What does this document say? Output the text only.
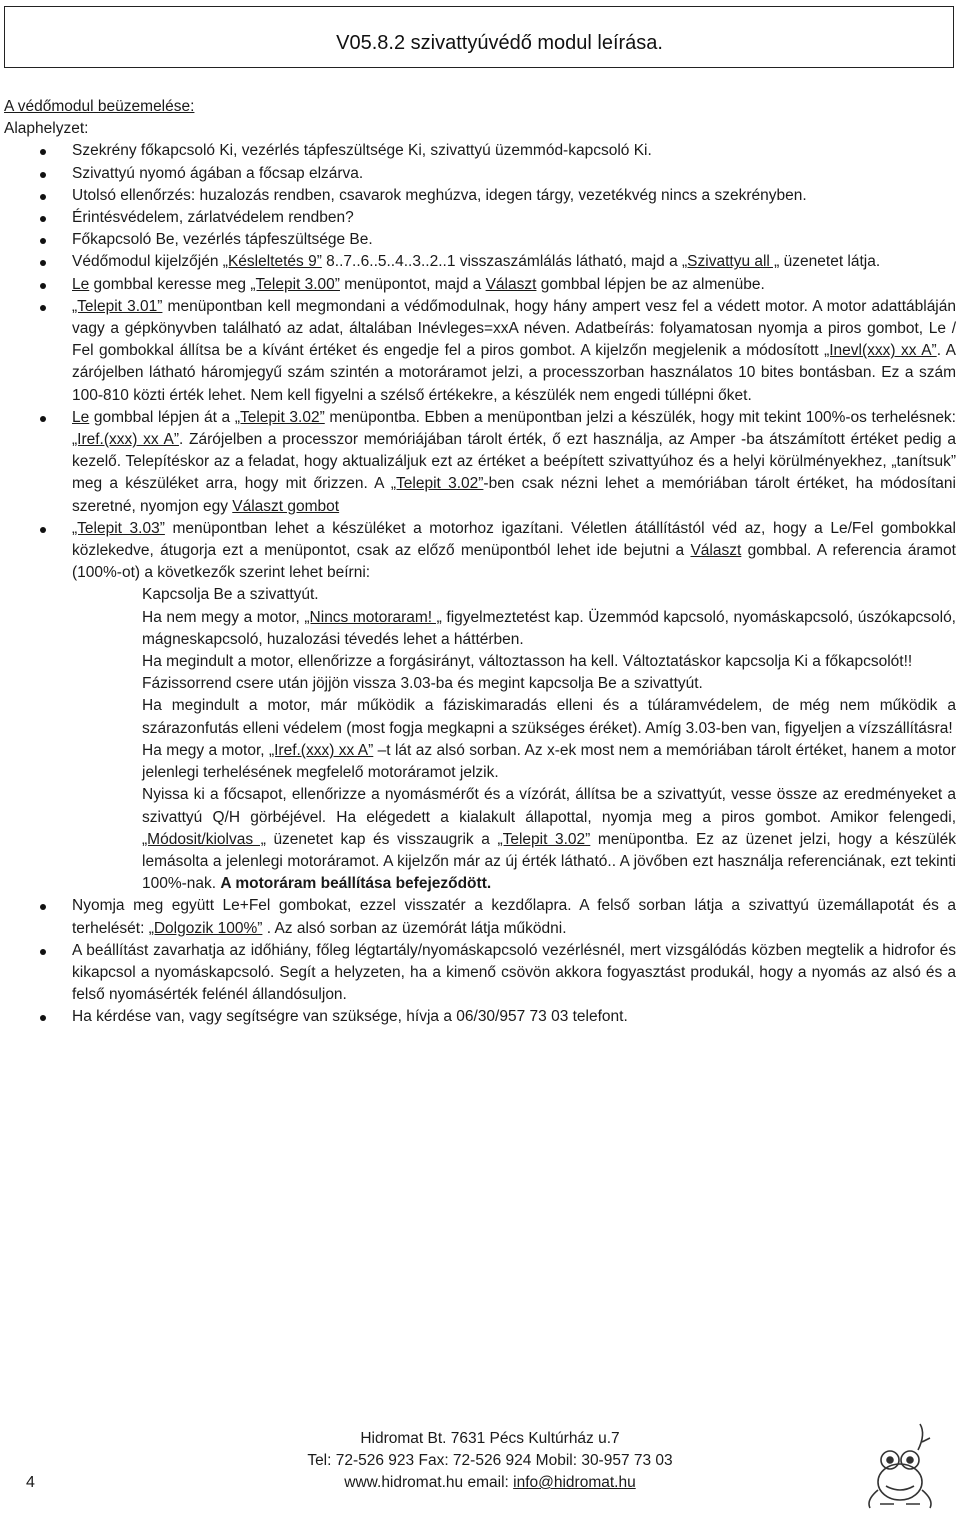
V05.8.2 szivattyúvédő modul leírása.

A védőmodul beüzemelése:

Alaphelyzet:

Szekrény főkapcsoló Ki, vezérlés tápfeszültsége Ki, szivattyú üzemmód-kapcsoló Ki.
Szivattyú nyomó ágában a főcsap elzárva.
Utolsó ellenőrzés: huzalozás rendben, csavarok meghúzva, idegen tárgy, vezetékvég nincs a szekrényben.
Érintésvédelem, zárlatvédelem rendben?
Főkapcsoló Be, vezérlés tápfeszültsége Be.
Védőmodul kijelzőjén „Késleltetés 9” 8..7..6..5..4..3..2..1 visszaszámlálás látható, majd a „Szivattyu all „ üzenetet látja.
Le gombbal keresse meg „Telepit 3.00” menüpontot, majd a Választ gombbal lépjen be az almenübe.
„Telepit 3.01” menüpontban kell megmondani a védőmodulnak, hogy hány ampert vesz fel a védett motor. A motor adattábláján vagy a gépkönyvben található az adat, általában Inévleges=xxA néven. Adatbeírás: folyamatosan nyomja a piros gombot, Le / Fel gombokkal állítsa be a kívánt értéket és engedje fel a piros gombot. A kijelzőn megjelenik a módosított „Inevl(xxx) xx A”. A zárójelben látható háromjegyű szám szintén a motoráramot jelzi, a processzorban használatos 10 bites bontásban. Ez a szám 100-810 közti érték lehet. Nem kell figyelni a szélső értékekre, a készülék nem engedi túllépni őket.
Le gombbal lépjen át a „Telepit 3.02” menüpontba. Ebben a menüpontban jelzi a készülék, hogy mit tekint 100%-os terhelésnek: „Iref.(xxx) xx A”. Zárójelben a processzor memóriájában tárolt érték, ő ezt használja, az Amper -ba átszámított értéket pedig a kezelő. Telepítéskor az a feladat, hogy aktualizáljuk ezt az értéket a beépített szivattyúhoz és a helyi körülményekhez, „tanítsuk” meg a készüléket arra, hogy mit őrizzen. A „Telepit 3.02”-ben csak nézni lehet a memóriában tárolt értéket, ha módosítani szeretné, nyomjon egy Választ gombot
„Telepit 3.03” menüpontban lehet a készüléket a motorhoz igazítani. Véletlen átállítástól véd az, hogy a Le/Fel gombokkal közlekedve, átugorja ezt a menüpontot, csak az előző menüpontból lehet ide bejutni a Választ gombbal. A referencia áramot (100%-ot) a következők szerint lehet beírni:

Kapcsolja Be a szivattyút.

Ha nem megy a motor, „Nincs motoraram! „ figyelmeztetést kap. Üzemmód kapcsoló, nyomáskapcsoló, úszókapcsoló, mágneskapcsoló, huzalozási tévedés lehet a háttérben.

Ha megindult a motor, ellenőrizze a forgásirányt, változtasson ha kell. Változtatáskor kapcsolja Ki a főkapcsolót!!

Fázissorrend csere után jöjjön vissza 3.03-ba és megint kapcsolja Be a szivattyút.

Ha megindult a motor, már működik a fáziskimaradás elleni és a túláramvédelem, de még nem működik a szárazonfutás elleni védelem (most fogja megkapni a szükséges éréket). Amíg 3.03-ben van, figyeljen a vízszállításra!

Ha megy a motor, „Iref.(xxx) xx A” –t lát az alsó sorban. Az x-ek most nem a memóriában tárolt értéket, hanem a motor jelenlegi terhelésének megfelelő motoráramot jelzik.

Nyissa ki a főcsapot, ellenőrizze a nyomásmérőt és a vízórát, állítsa be a szivattyút, vesse össze az eredményeket a szivattyú Q/H görbéjével. Ha elégedett a kialakult állapottal, nyomja meg a piros gombot. Amikor felengedi, „Módosit/kiolvas „ üzenetet kap és visszaugrik a „Telepit 3.02” menüpontba. Ez az üzenet jelzi, hogy a készülék lemásolta a jelenlegi motoráramot. A kijelzőn már az új érték látható.. A jövőben ezt használja referenciának, ezt tekinti 100%-nak. A motoráram beállítása befejeződött.

Nyomja meg együtt Le+Fel gombokat, ezzel visszatér a kezdőlapra. A felső sorban látja a szivattyú üzemállapotát és a terhelését: „Dolgozik 100%” . Az alsó sorban az üzemórát látja működni.
A beállítást zavarhatja az időhiány, főleg légtartály/nyomáskapcsoló vezérlésnél, mert vizsgálódás közben megtelik a hidrofor és kikapcsol a nyomáskapcsoló. Segít a helyzeten, ha a kimenő csövön akkora fogyasztást produkál, hogy a nyomás az alsó és a felső nyomásérték felénél állandósuljon.
Ha kérdése van, vagy segítségre van szüksége, hívja a 06/30/957 73 03 telefont.
4
Hidromat Bt. 7631 Pécs Kultúrház u.7
Tel: 72-526 923 Fax: 72-526 924 Mobil: 30-957 73 03
www.hidromat.hu email: info@hidromat.hu
